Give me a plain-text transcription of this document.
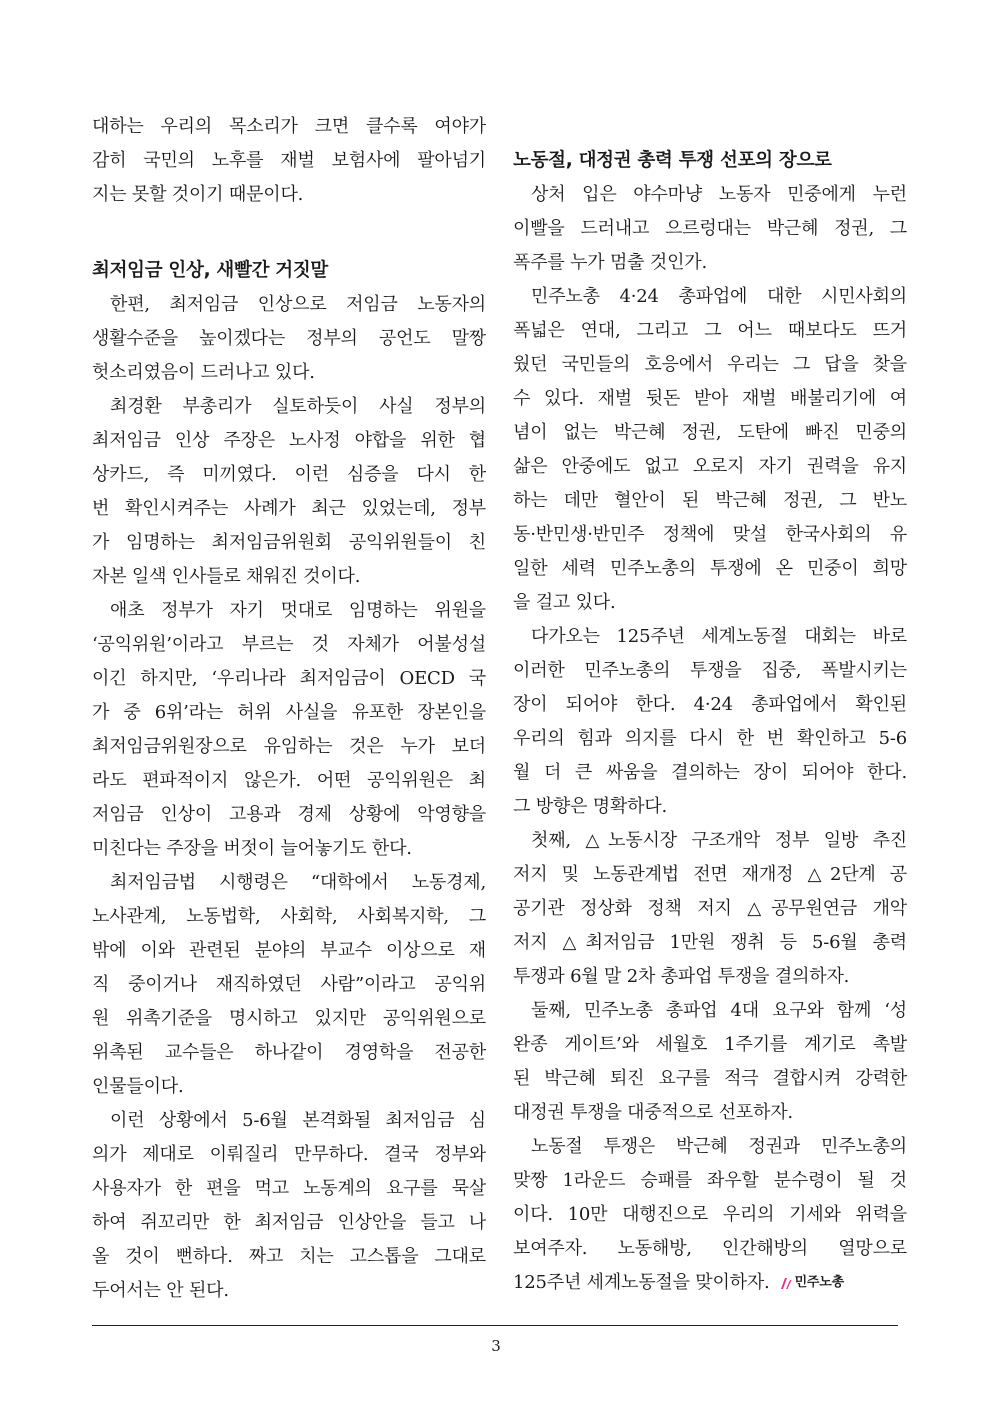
대하는 우리의 목소리가 크면 클수록 여야가
감히 국민의 노후를 재벌 보험사에 팔아넘기
지는 못할 것이기 때문이다.
최저임금 인상, 새빨간 거짓말
한편, 최저임금 인상으로 저임금 노동자의
생활수준을 높이겠다는 정부의 공언도 말짱
헛소리였음이 드러나고 있다.
최경환 부총리가 실토하듯이 사실 정부의
최저임금 인상 주장은 노사정 야합을 위한 협
상카드, 즉 미끼였다. 이런 심증을 다시 한
번 확인시켜주는 사례가 최근 있었는데, 정부
가 임명하는 최저임금위원회 공익위원들이 친
자본 일색 인사들로 채워진 것이다.
애초 정부가 자기 멋대로 임명하는 위원을
‘공익위원’이라고 부르는 것 자체가 어불성설
이긴 하지만, ‘우리나라 최저임금이 OECD 국
가 중 6위’라는 허위 사실을 유포한 장본인을
최저임금위원장으로 유임하는 것은 누가 보더
라도 편파적이지 않은가. 어떤 공익위원은 최
저임금 인상이 고용과 경제 상황에 악영향을
미친다는 주장을 버젓이 늘어놓기도 한다.
최저임금법 시행령은 “대학에서 노동경제,
노사관계, 노동법학, 사회학, 사회복지학, 그
밖에 이와 관련된 분야의 부교수 이상으로 재
직 중이거나 재직하였던 사람”이라고 공익위
원 위촉기준을 명시하고 있지만 공익위원으로
위촉된 교수들은 하나같이 경영학을 전공한
인물들이다.
이런 상황에서 5-6월 본격화될 최저임금 심
의가 제대로 이뤄질리 만무하다. 결국 정부와
사용자가 한 편을 먹고 노동계의 요구를 묵살
하여 쥐꼬리만 한 최저임금 인상안을 들고 나
올 것이 뻔하다. 짜고 치는 고스톱을 그대로
두어서는 안 된다.
노동절, 대정권 총력 투쟁 선포의 장으로
상처 입은 야수마냥 노동자 민중에게 누런
이빨을 드러내고 으르렁대는 박근혜 정권, 그
폭주를 누가 멈출 것인가.
민주노총 4·24 총파업에 대한 시민사회의
폭넓은 연대, 그리고 그 어느 때보다도 뜨거
웠던 국민들의 호응에서 우리는 그 답을 찾을
수 있다. 재벌 뒷돈 받아 재벌 배불리기에 여
념이 없는 박근혜 정권, 도탄에 빠진 민중의
삶은 안중에도 없고 오로지 자기 권력을 유지
하는 데만 혈안이 된 박근혜 정권, 그 반노
동·반민생·반민주 정책에 맞설 한국사회의 유
일한 세력 민주노총의 투쟁에 온 민중이 희망
을 걸고 있다.
다가오는 125주년 세계노동절 대회는 바로
이러한 민주노총의 투쟁을 집중, 폭발시키는
장이 되어야 한다. 4·24 총파업에서 확인된
우리의 힘과 의지를 다시 한 번 확인하고 5-6
월 더 큰 싸움을 결의하는 장이 되어야 한다.
그 방향은 명확하다.
첫째, △노동시장 구조개악 정부 일방 추진
저지 및 노동관계법 전면 재개정 △2단계 공
공기관 정상화 정책 저지 △공무원연금 개악
저지 △최저임금 1만원 쟁취 등 5-6월 총력
투쟁과 6월 말 2차 총파업 투쟁을 결의하자.
둘째, 민주노총 총파업 4대 요구와 함께 ‘성
완종 게이트’와 세월호 1주기를 계기로 촉발
된 박근혜 퇴진 요구를 적극 결합시켜 강력한
대정권 투쟁을 대중적으로 선포하자.
노동절 투쟁은 박근혜 정권과 민주노총의
맞짱 1라운드 승패를 좌우할 분수령이 될 것
이다. 10만 대행진으로 우리의 기세와 위력을
보여주자. 노동해방, 인간해방의 열망으로
125주년 세계노동절을 맞이하자. 민주노총
3
